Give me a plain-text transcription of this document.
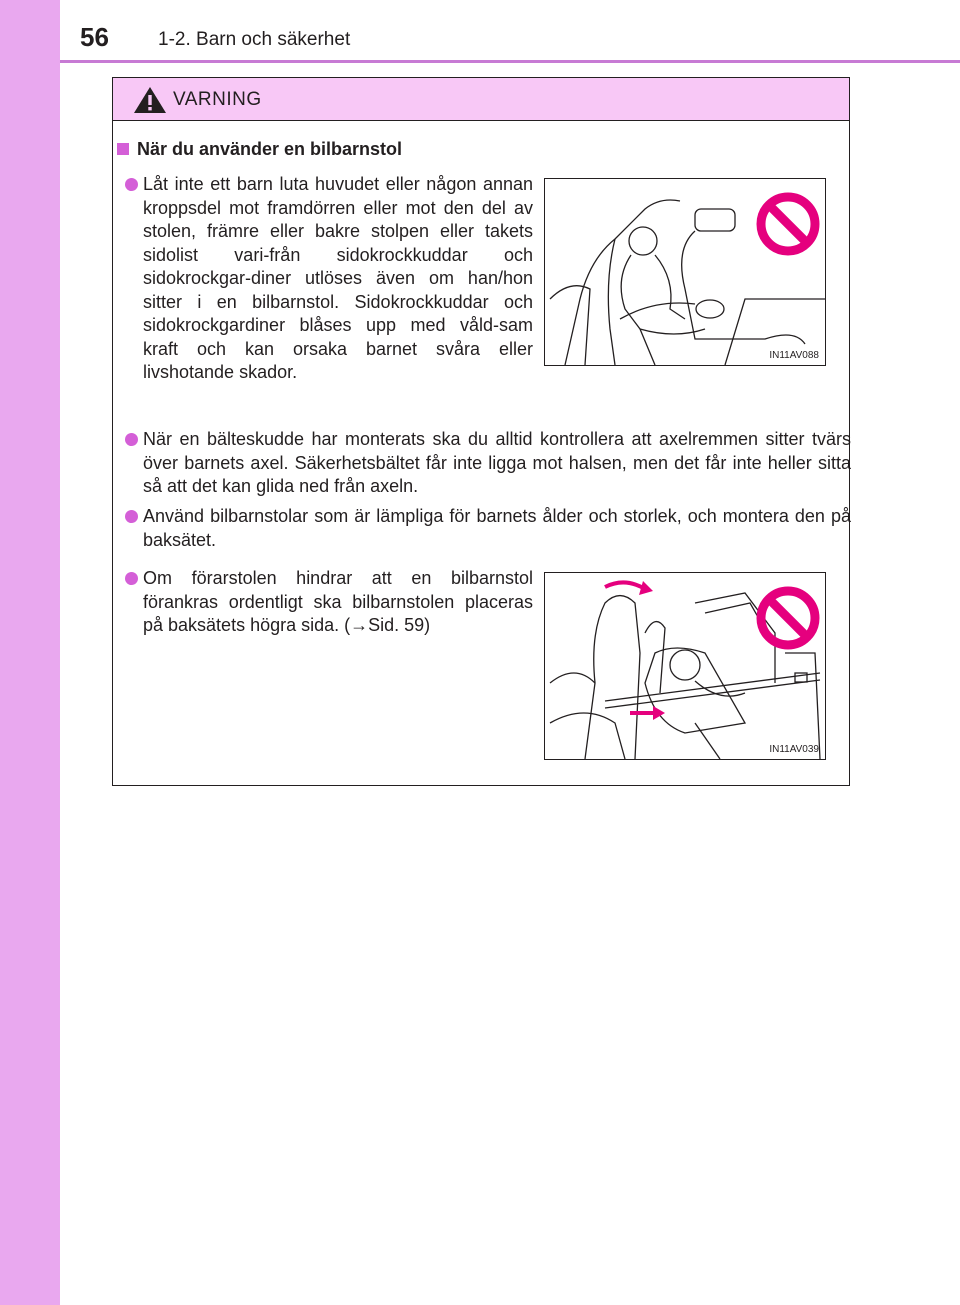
56	1-2. Barn och säkerhet
VARNING
När du använder en bilbarnstol
Låt inte ett barn luta huvudet eller någon annan kroppsdel mot framdörren eller mot den del av stolen, främre eller bakre stolpen eller takets sidolist vari-från sidokrockkuddar och sidokrockgar-diner utlöses även om han/hon sitter i en bilbarnstol. Sidokrockkuddar och sidokrockgardiner blåses upp med våld-sam kraft och kan orsaka barnet svåra eller livshotande skador.
IN11AV088
När en bälteskudde har monterats ska du alltid kontrollera att axelremmen sitter tvärs över barnets axel. Säkerhetsbältet får inte ligga mot halsen, men det får inte heller sitta så att det kan glida ned från axeln.
Använd bilbarnstolar som är lämpliga för barnets ålder och storlek, och montera den på baksätet.
Om förarstolen hindrar att en bilbarnstol förankras ordentligt ska bilbarnstolen placeras på baksätets högra sida. (→Sid. 59)
IN11AV039
